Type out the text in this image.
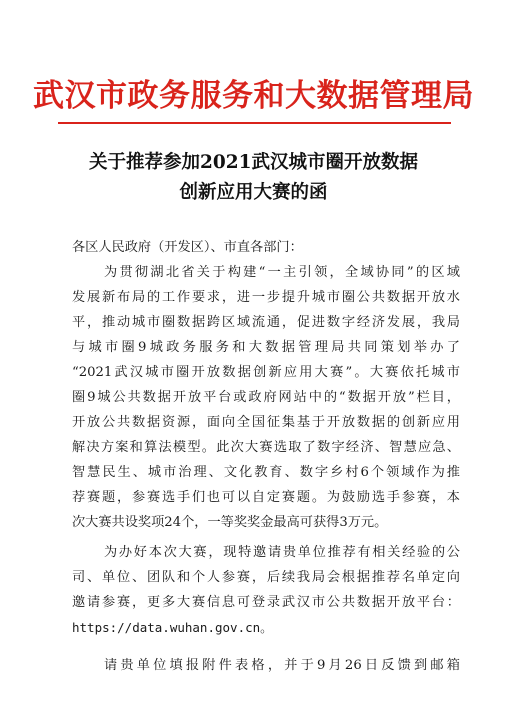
武汉市政务服务和大数据管理局
关于推荐参加2021武汉城市圈开放数据
创新应用大赛的函
各区人民政府（开发区）、市直各部门：
为贯彻湖北省关于构建“一主引领，全域协同”的区域
发展新布局的工作要求，进一步提升城市圈公共数据开放水
平，推动城市圈数据跨区域流通，促进数字经济发展，我局
与城市圈9城政务服务和大数据管理局共同策划举办了
“2021武汉城市圈开放数据创新应用大赛”。大赛依托城市
圈9城公共数据开放平台或政府网站中的“数据开放”栏目，
开放公共数据资源，面向全国征集基于开放数据的创新应用
解决方案和算法模型。此次大赛选取了数字经济、智慧应急、
智慧民生、城市治理、文化教育、数字乡村6个领域作为推
荐赛题，参赛选手们也可以自定赛题。为鼓励选手参赛，本
次大赛共设奖项24个，一等奖奖金最高可获得3万元。
为办好本次大赛，现特邀请贵单位推荐有相关经验的公
司、单位、团队和个人参赛，后续我局会根据推荐名单定向
邀请参赛，更多大赛信息可登录武汉市公共数据开放平台：
https://data.wuhan.gov.cn。
请贵单位填报附件表格，并于9月26日反馈到邮箱
